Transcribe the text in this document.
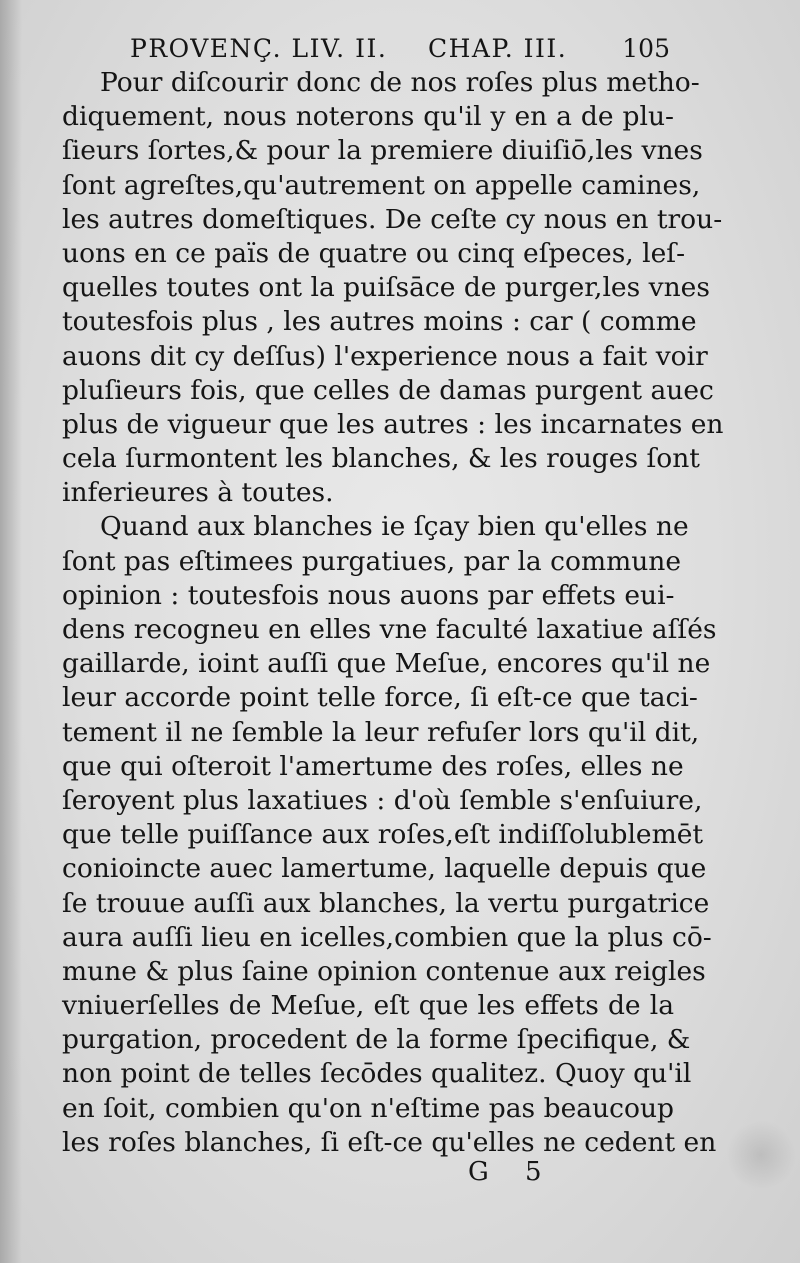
PROVENÇ. LIV. II. CHAP. III. 105
Pour diſcourir donc de nos roſes plus metho-
diquement, nous noterons qu'il y en a de plu-
ſieurs ſortes,& pour la premiere diuiſiō,les vnes
ſont agreſtes,qu'autrement on appelle camines,
les autres domeſtiques. De ceſte cy nous en trou-
uons en ce païs de quatre ou cinq eſpeces, leſ-
quelles toutes ont la puiſsāce de purger,les vnes
toutesfois plus , les autres moins : car ( comme
auons dit cy deſſus) l'experience nous a fait voir
pluſieurs fois, que celles de damas purgent auec
plus de vigueur que les autres : les incarnates en
cela ſurmontent les blanches, & les rouges ſont
inferieures à toutes.
Quand aux blanches ie ſçay bien qu'elles ne
ſont pas eſtimees purgatiues, par la commune
opinion : toutesfois nous auons par effets eui-
dens recogneu en elles vne faculté laxatiue aſſés
gaillarde, ioint auſſi que Meſue, encores qu'il ne
leur accorde point telle force, ſi eſt-ce que taci-
tement il ne ſemble la leur refuſer lors qu'il dit,
que qui oſteroit l'amertume des roſes, elles ne
ſeroyent plus laxatiues : d'où ſemble s'enſuiure,
que telle puiſſance aux roſes,eſt indiſſolublemēt
conioincte auec lamertume, laquelle depuis que
ſe trouue auſſi aux blanches, la vertu purgatrice
aura auſſi lieu en icelles,combien que la plus cō-
mune & plus ſaine opinion contenue aux reigles
vniuerſelles de Meſue, eſt que les effets de la
purgation, procedent de la forme ſpecifique, &
non point de telles ſecōdes qualitez. Quoy qu'il
en ſoit, combien qu'on n'eſtime pas beaucoup
les roſes blanches, ſi eſt-ce qu'elles ne cedent en
G 5
